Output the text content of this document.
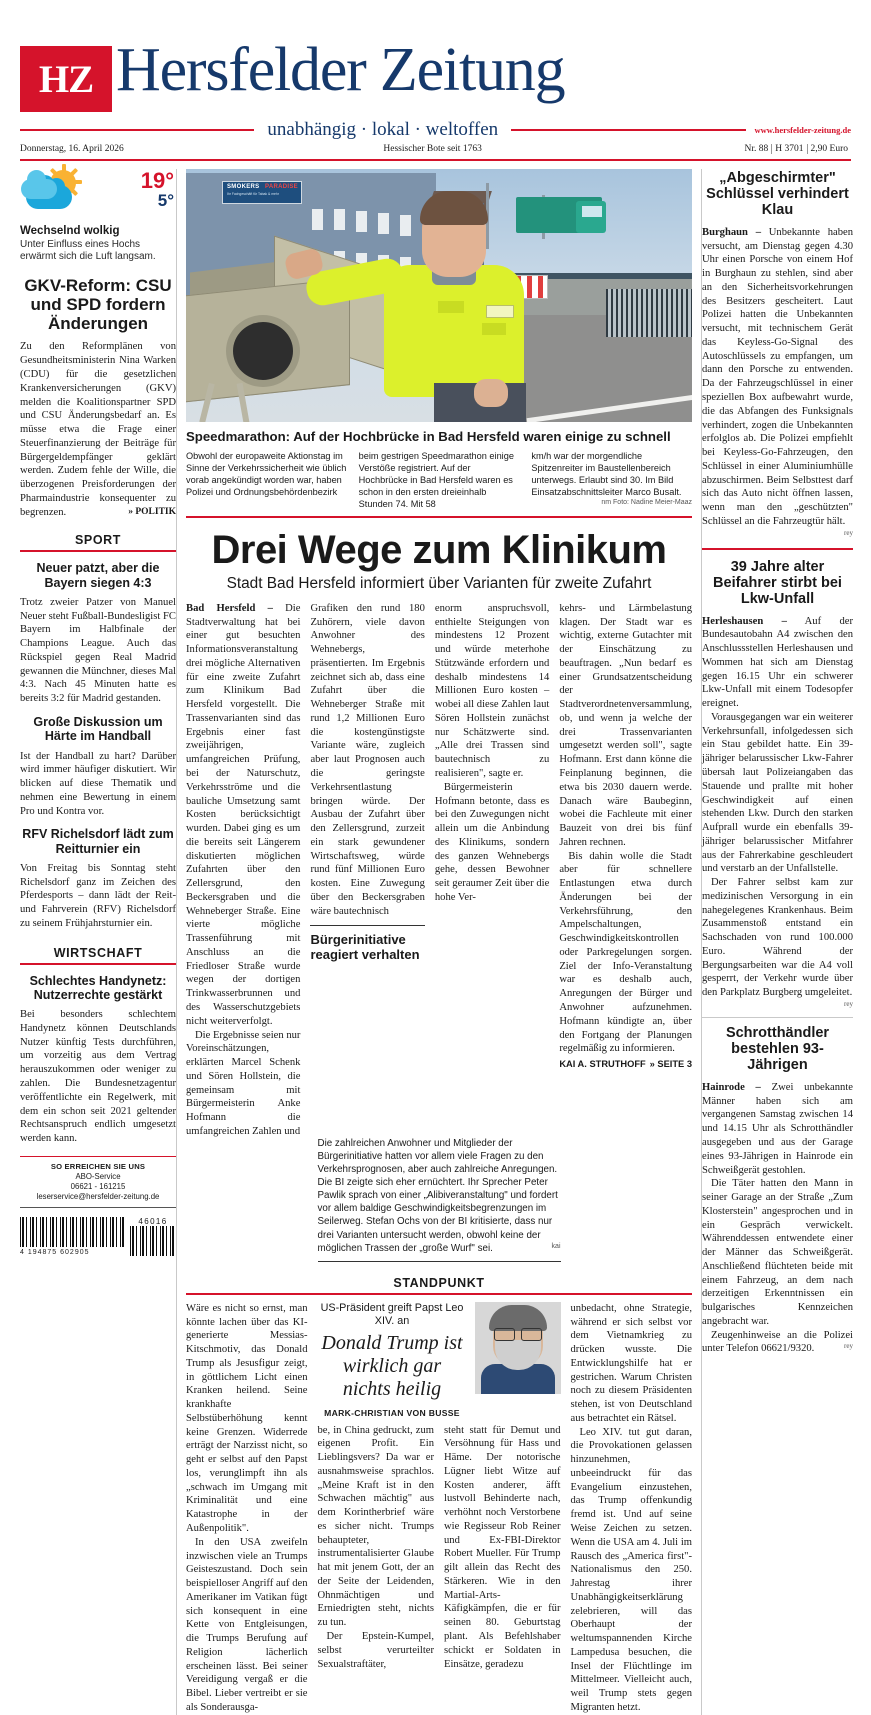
HZ Hersfelder Zeitung
unabhängig · lokal · weltoffen	www.hersfelder-zeitung.de
Donnerstag, 16. April 2026	Hessischer Bote seit 1763	Nr. 88 H 3701 2,90 Euro
19°
5°
Wechselnd wolkig
Unter Einfluss eines Hochs erwärmt sich die Luft langsam.
GKV-Reform: CSU und SPD fordern Änderungen
Zu den Reformplänen von Gesundheitsministerin Nina Warken (CDU) für die gesetzlichen Krankenversicherungen (GKV) melden die Koalitionspartner SPD und CSU Änderungsbedarf an. Es müsse etwa die Frage einer Steuerfinanzierung der Beiträge für Bürgergeldempfänger geklärt werden. Zudem fehle der Wille, die überzogenen Preisforderungen der Pharmaindustrie konsequenter zu begrenzen.	» POLITIK
SPORT
Neuer patzt, aber die Bayern siegen 4:3
Trotz zweier Patzer von Manuel Neuer steht Fußball-Bundesligist FC Bayern im Halbfinale der Champions League. Auch das Rückspiel gegen Real Madrid gewannen die Münchner, dieses Mal 4:3. Nach 45 Minuten hatte es bereits 3:2 für Madrid gestanden.
Große Diskussion um Härte im Handball
Ist der Handball zu hart? Darüber wird immer häufiger diskutiert. Wir blicken auf diese Thematik und nehmen eine Bewertung in einem Pro und Kontra vor.
RFV Richelsdorf lädt zum Reitturnier ein
Von Freitag bis Sonntag steht Richelsdorf ganz im Zeichen des Pferdesports – dann lädt der Reit- und Fahrverein (RFV) Richelsdorf zu seinem Frühjahrsturnier ein.
WIRTSCHAFT
Schlechtes Handynetz: Nutzerrechte gestärkt
Bei besonders schlechtem Handynetz können Deutschlands Nutzer künftig Tests durchführen, um vorzeitig aus dem Vertrag herauszukommen oder weniger zu zahlen. Die Bundesnetzagentur veröffentlichte ein Regelwerk, mit dem ein schon seit 2021 geltender Rechtsanspruch endlich umgesetzt werden kann.
SO ERREICHEN SIE UNS
ABO-Service
06621 - 161215
leserservice@hersfelder-zeitung.de
4 194875 602905
46016
SMOKERS PARADISE
Ihr Fachgeschäft für Tabak & mehr
Speedmarathon: Auf der Hochbrücke in Bad Hersfeld waren einige zu schnell
Obwohl der europaweite Aktionstag im Sinne der Verkehrssicherheit wie üblich vorab angekündigt worden war, haben Polizei und Ordnungsbehördenbezirk
beim gestrigen Speedmarathon einige Verstöße registriert. Auf der Hochbrücke in Bad Hersfeld waren es schon in den ersten dreieinhalb Stunden 74. Mit 58
km/h war der morgendliche Spitzenreiter im Baustellenbereich unterwegs. Erlaubt sind 30. Im Bild Einsatzabschnittsleiter Marco Busalt.
nm Foto: Nadine Meier-Maaz
Drei Wege zum Klinikum
Stadt Bad Hersfeld informiert über Varianten für zweite Zufahrt
Bad Hersfeld – Die Stadtverwaltung hat bei einer gut besuchten Informationsveranstaltung drei mögliche Alternativen für eine zweite Zufahrt zum Klinikum Bad Hersfeld vorgestellt. Die Trassenvarianten sind das Ergebnis einer fast zweijährigen, umfangreichen Prüfung, bei der Naturschutz, Verkehrsströme und die bauliche Umsetzung samt Kosten berücksichtigt wurden. Dabei ging es um die bereits seit Längerem diskutierten möglichen Zufahrten über den Zellersgrund, den Beckersgraben und die Wehneberger Straße. Eine vierte mögliche Trassenführung mit Anschluss an die Friedloser Straße wurde wegen der dortigen Trinkwasserbrunnen und des Wasserschutzgebiets nicht weiterverfolgt.
Die Ergebnisse seien nur Voreinschätzungen, erklärten Marcel Schenk und Sören Hollstein, die gemeinsam mit Bürgermeisterin Anke Hofmann die umfangreichen Zahlen und
Grafiken den rund 180 Zuhörern, viele davon Anwohner des Wehnebergs, präsentierten. Im Ergebnis zeichnet sich ab, dass eine Zufahrt über die Wehneberger Straße mit rund 1,2 Millionen Euro die kostengünstigste Variante wäre, zugleich aber laut Prognosen auch die geringste Verkehrsentlastung bringen würde. Der Ausbau der Zufahrt über den Zellersgrund, zurzeit ein stark gewundener Wirtschaftsweg, würde rund fünf Millionen Euro kosten. Eine Zuwegung über den Beckersgraben wäre bautechnisch
Bürgerinitiative reagiert verhalten
enorm anspruchsvoll, enthielte Steigungen von mindestens 12 Prozent und würde meterhohe Stützwände erfordern und deshalb mindestens 14 Millionen Euro kosten – wobei all diese Zahlen laut Sören Hollstein zunächst nur Schätzwerte sind. „Alle drei Trassen sind bautechnisch zu realisieren", sagte er.
Bürgermeisterin Hofmann betonte, dass es bei den Zuwegungen nicht allein um die Anbindung des Klinikums, sondern des ganzen Wehnebergs gehe, dessen Bewohner seit geraumer Zeit über die hohe Ver-
kehrs- und Lärmbelastung klagen. Der Stadt war es wichtig, externe Gutachter mit der Einschätzung zu beauftragen. „Nun bedarf es einer Grundsatzentscheidung der Stadtverordnetenversammlung, ob, und wenn ja welche der drei Trassenvarianten umgesetzt werden soll", sagte Hofmann. Erst dann könne die Feinplanung beginnen, die etwa bis 2030 dauern werde. Danach wäre Baubeginn, wobei die Fachleute mit einer Bauzeit von drei bis fünf Jahren rechnen.
Bis dahin wolle die Stadt aber für schnellere Entlastungen etwa durch Änderungen bei der Verkehrsführung, den Ampelschaltungen, Geschwindigkeitskontrollen oder Parkregelungen sorgen. Ziel der Info-Veranstaltung war es deshalb auch, Anregungen der Bürger und Anwohner aufzunehmen. Hofmann kündigte an, über den Fortgang der Planungen regelmäßig zu informieren.
KAI A. STRUTHOFF » SEITE 3
Die zahlreichen Anwohner und Mitglieder der Bürgerinitiative hatten vor allem viele Fragen zu den Verkehrsprognosen, aber auch zahlreiche Anregungen. Die BI zeigte sich eher ernüchtert. Ihr Sprecher Peter Pawlik sprach von einer „Alibiveranstaltung" und fordert vor allem baldige Geschwindigkeitsbegrenzungen im Seilerweg. Stefan Ochs von der BI kritisierte, dass nur drei Varianten untersucht werden, obwohl keine der möglichen Trassen der „große Wurf" sei.	kai
STANDPUNKT
Wäre es nicht so ernst, man könnte lachen über das KI-generierte Messias-Kitschmotiv, das Donald Trump als Jesusfigur zeigt, in göttlichem Licht einen Kranken heilend. Seine krankhafte Selbstüberhöhung kennt keine Grenzen. Widerrede erträgt der Narzisst nicht, so geht er selbst auf den Papst los, verunglimpft ihn als „schwach im Umgang mit Kriminalität und eine Katastrophe in der Außenpolitik".
In den USA zweifeln inzwischen viele an Trumps Geisteszustand. Doch sein beispielloser Angriff auf den Amerikaner im Vatikan fügt sich konsequent in eine Kette von Entgleisungen, die Trumps Berufung auf Religion lächerlich erscheinen lässt. Bei seiner Vereidigung vergaß er die Bibel. Lieber vertreibt er sie als Sonderausga-
US-Präsident greift Papst Leo XIV. an
Donald Trump ist wirklich gar nichts heilig
MARK-CHRISTIAN VON BUSSE
be, in China gedruckt, zum eigenen Profit. Ein Lieblingsvers? Da war er ausnahmsweise sprachlos. „Meine Kraft ist in den Schwachen mächtig" aus dem Korintherbrief wäre es sicher nicht. Trumps behaupteter, instrumentalisierter Glaube hat mit jenem Gott, der an der Seite der Leidenden, Ohnmächtigen und Erniedrigten steht, nichts zu tun.
Der Epstein-Kumpel, selbst verurteilter Sexualstraftäter,
steht statt für Demut und Versöhnung für Hass und Häme. Der notorische Lügner liebt Witze auf Kosten anderer, äfft lustvoll Behinderte nach, verhöhnt noch Verstorbene wie Regisseur Rob Reiner und Ex-FBI-Direktor Robert Mueller. Für Trump gilt allein das Recht des Stärkeren. Wie in den Martial-Arts-Käfigkämpfen, die er für seinen 80. Geburtstag plant. Als Befehlshaber schickt er Soldaten in Einsätze, geradezu
unbedacht, ohne Strategie, während er sich selbst vor dem Vietnamkrieg zu drücken wusste. Die Entwicklungshilfe hat er gestrichen. Warum Christen noch zu diesem Präsidenten stehen, ist von Deutschland aus betrachtet ein Rätsel.
Leo XIV. tut gut daran, die Provokationen gelassen hinzunehmen, unbeeindruckt für das Evangelium einzustehen, das Trump offenkundig fremd ist. Und auf seine Weise Zeichen zu setzen. Wenn die USA am 4. Juli im Rausch des „America first"-Nationalismus den 250. Jahrestag ihrer Unabhängigkeitserklärung zelebrieren, will das Oberhaupt der weltumspannenden Kirche Lampedusa besuchen, die Insel der Flüchtlinge im Mittelmeer. Vielleicht auch, weil Trump stets gegen Migranten hetzt.
„Abgeschirmter" Schlüssel verhindert Klau
Burghaun – Unbekannte haben versucht, am Dienstag gegen 4.30 Uhr einen Porsche von einem Hof in Burghaun zu stehlen, sind aber an den Sicherheitsvorkehrungen des Besitzers gescheitert. Laut Polizei hatten die Unbekannten versucht, mit technischem Gerät das Keyless-Go-Signal des Autoschlüssels zu empfangen, um dann den Porsche zu entwenden. Da der Fahrzeugschlüssel in einer speziellen Box aufbewahrt wurde, die das Abfangen des Funksignals verhindert, zogen die Unbekannten erfolglos ab. Die Polizei empfiehlt bei Keyless-Go-Fahrzeugen, den Schlüssel in einer Aluminiumhülle abzuschirmen. Beim Selbsttest darf sich das Auto nicht öffnen lassen, wenn man den „geschützten" Schlüssel an die Fahrzeugtür hält.
rey
39 Jahre alter Beifahrer stirbt bei Lkw-Unfall
Herleshausen – Auf der Bundesautobahn A4 zwischen den Anschlussstellen Herleshausen und Wommen hat sich am Dienstag gegen 16.15 Uhr ein schwerer Lkw-Unfall mit einem Todesopfer ereignet.
Vorausgegangen war ein weiterer Verkehrsunfall, infolgedessen sich ein Stau gebildet hatte. Ein 39-jähriger belarussischer Lkw-Fahrer übersah laut Polizeiangaben das Stauende und prallte mit hoher Geschwindigkeit auf einen stehenden Lkw. Durch den starken Aufprall wurde ein ebenfalls 39-jähriger belarussischer Mitfahrer aus der Fahrerkabine geschleudert und verstarb an der Unfallstelle.
Der Fahrer selbst kam zur medizinischen Versorgung in ein nahegelegenes Krankenhaus. Beim Zusammenstoß entstand ein Sachschaden von rund 100.000 Euro. Während der Bergungsarbeiten war die A4 voll gesperrt, der Verkehr wurde über den Parkplatz Burgberg umgeleitet.
rey
Schrotthändler bestehlen 93-Jährigen
Hainrode – Zwei unbekannte Männer haben sich am vergangenen Samstag zwischen 14 und 14.15 Uhr als Schrotthändler ausgegeben und aus der Garage eines 93-Jährigen in Hainrode ein Schweißgerät gestohlen.
Die Täter hatten den Mann in seiner Garage an der Straße „Zum Klosterstein" angesprochen und in ein Gespräch verwickelt. Währenddessen entwendete einer der Männer das Schweißgerät. Anschließend flüchteten beide mit einem Fahrzeug, an dem nach derzeitigen Erkenntnissen ein bulgarisches Kennzeichen angebracht war.
Zeugenhinweise an die Polizei unter Telefon 06621/9320.	rey
